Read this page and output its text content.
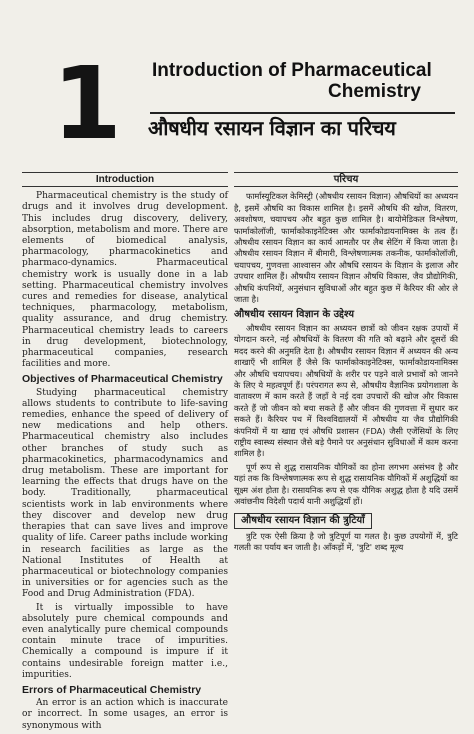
1	Introduction of Pharmaceutical
Chemistry
औषधीय रसायन विज्ञान का परिचय
Introduction

Pharmaceutical chemistry is the study of drugs and it involves drug development. This includes drug discovery, delivery, absorption, metabolism and more. There are elements of biomedical analysis, pharmacology, pharmacokinetics and pharmaco-dynamics. Pharmaceutical chemistry work is usually done in a lab setting. Pharmaceutical chemistry involves cures and remedies for disease, analytical techniques, pharmacology, metabolism, quality assurance, and drug chemistry. Pharmaceutical chemistry leads to careers in drug development, biotechnology, pharmaceutical companies, research facilities and more.

Objectives of Pharmaceutical Chemistry

Studying pharmaceutical chemistry allows students to contribute to life-saving remedies, enhance the speed of delivery of new medications and help others. Pharmaceutical chemistry also includes other branches of study such as pharmacokinetics, pharmacodynamics and drug metabolism. These are important for learning the effects that drugs have on the body. Traditionally, pharmaceutical scientists work in lab environments where they discover and develop new drug therapies that can save lives and improve quality of life. Career paths include working in research facilities as large as the National Institutes of Health at pharmaceutical or biotechnology companies in universities or for agencies such as the Food and Drug Administration (FDA).

It is virtually impossible to have absolutely pure chemical compounds and even analytically pure chemical compounds contain minute trace of impurities. Chemically a compound is impure if it contains undesirable foreign matter i.e., impurities.

Errors of Pharmaceutical Chemistry

An error is an action which is inaccurate or incorrect. In some usages, an error is synonymous with

परिचय

फार्मास्यूटिकल केमिस्ट्री (औषधीय रसायन विज्ञान) औषधियों का अध्ययन है, इसमें औषधि का विकास शामिल है। इसमें औषधि की खोज, वितरण, अवशोषण, चयापचय और बहुत कुछ शामिल है। बायोमेडिकल विश्लेषण, फार्माकोलॉजी, फार्माकोकाइनेटिक्स और फार्माकोडायनामिक्स के तत्व हैं। औषधीय रसायन विज्ञान का कार्य आमतौर पर लैब सेटिंग में किया जाता है। औषधीय रसायन विज्ञान में बीमारी, विश्लेषणात्मक तकनीक, फार्माकोलॉजी, चयापचय, गुणवत्ता आश्वासन और औषधि रसायन के विज्ञान के इलाज और उपचार शामिल हैं। औषधीय रसायन विज्ञान औषधि विकास, जैव प्रौद्योगिकी, औषधि कंपनियों, अनुसंधान सुविधाओं और बहुत कुछ में कैरियर की ओर ले जाता है।

औषधीय रसायन विज्ञान के उद्देश्य

औषधीय रसायन विज्ञान का अध्ययन छात्रों को जीवन रक्षक उपायों में योगदान करने, नई औषधियों के वितरण की गति को बढ़ाने और दूसरों की मदद करने की अनुमति देता है। औषधीय रसायन विज्ञान में अध्ययन की अन्य शाखाएँ भी शामिल हैं जैसे कि फार्माकोकाइनेटिक्स, फार्माकोडायनामिक्स और औषधि चयापचय। औषधियों के शरीर पर पड़ने वाले प्रभावों को जानने के लिए ये महत्वपूर्ण हैं। परंपरागत रूप से, औषधीय वैज्ञानिक प्रयोगशाला के वातावरण में काम करते हैं जहाँ वे नई दवा उपचारों की खोज और विकास करते हैं जो जीवन को बचा सकते हैं और जीवन की गुणवत्ता में सुधार कर सकते हैं। कैरियर पथ में विश्वविद्यालयों में औषधीय या जैव प्रौद्योगिकी कंपनियों में या खाद्य एवं औषधि प्रशासन (FDA) जैसी एजेंसियों के लिए राष्ट्रीय स्वास्थ्य संस्थान जैसे बड़े पैमाने पर अनुसंधान सुविधाओं में काम करना शामिल है।

पूर्ण रूप से शुद्ध रासायनिक यौगिकों का होना लगभग असंभव है और यहां तक कि विश्लेषणात्मक रूप से शुद्ध रासायनिक यौगिकों में अशुद्धियों का सूक्ष्म अंश होता है। रासायनिक रूप से एक यौगिक अशुद्ध होता है यदि उसमें अवांछनीय विदेशी पदार्थ यानी अशुद्धियाँ हों।

औषधीय रसायन विज्ञान की त्रुटियाँ

त्रुटि एक ऐसी क्रिया है जो त्रुटिपूर्ण या गलत है। कुछ उपयोगों में, त्रुटि गलती का पर्याय बन जाती है। आँकड़ों में, 'त्रुटि' शब्द मूल्य
